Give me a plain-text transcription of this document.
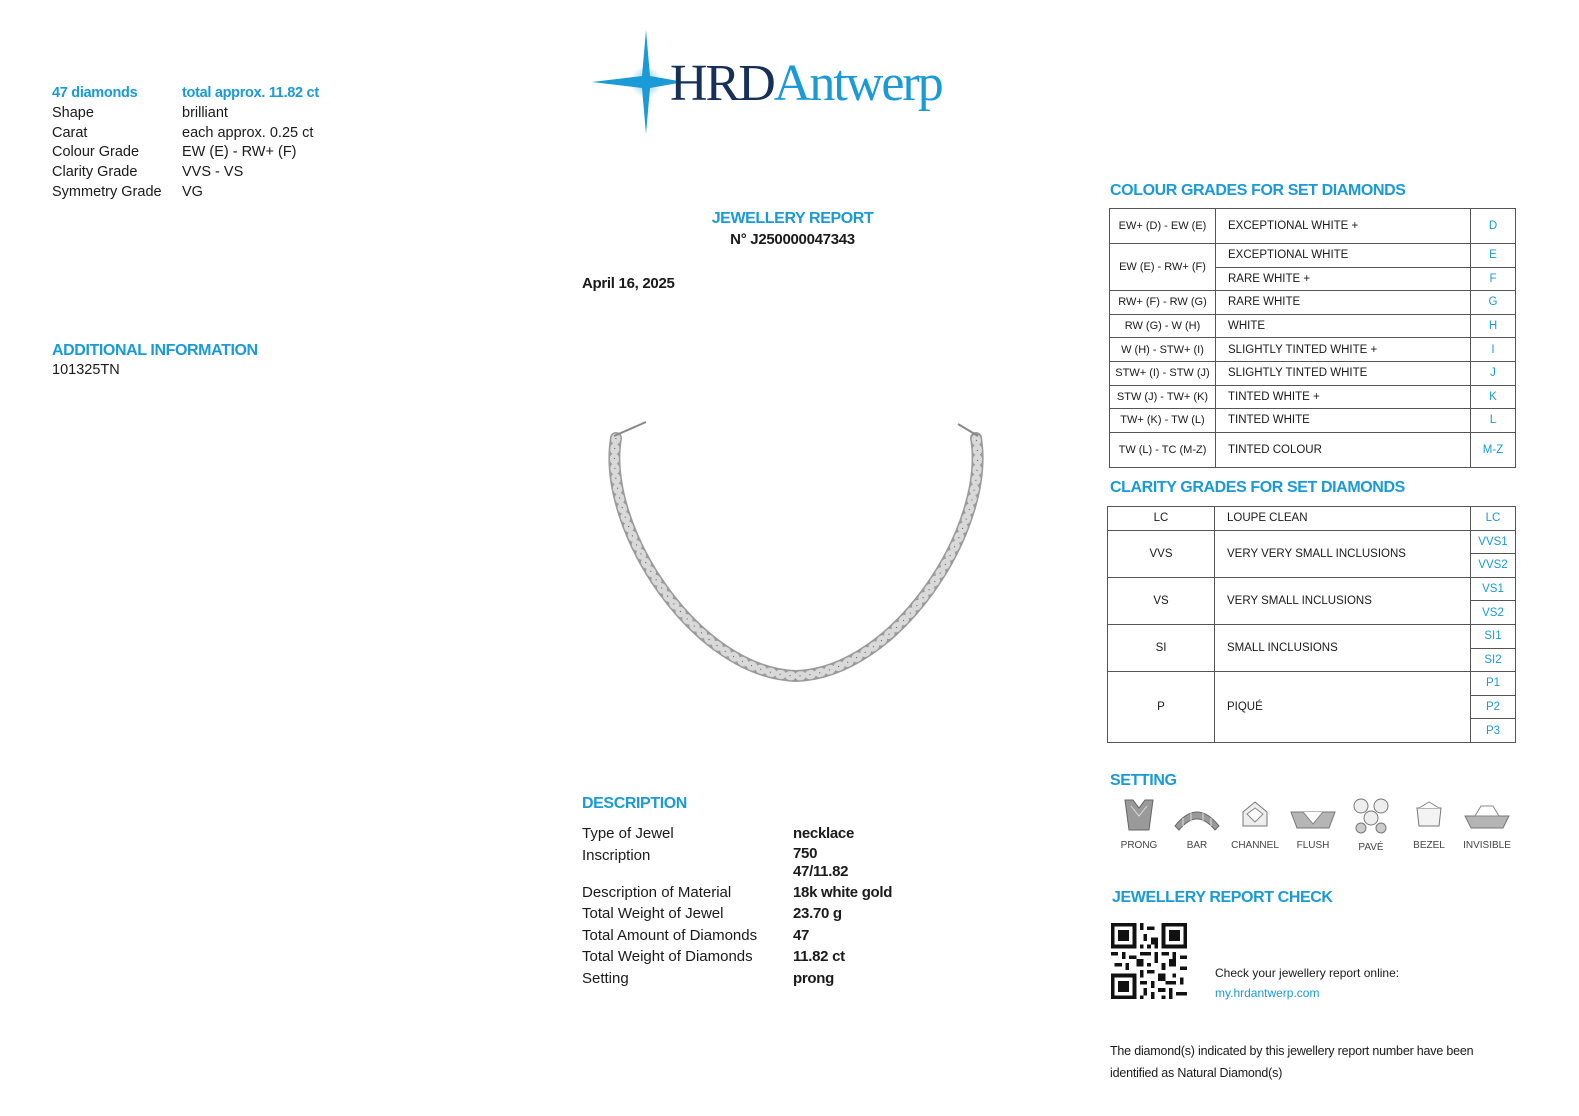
47 diamonds	total approx. 11.82 ct
Shape	brilliant
Carat	each approx. 0.25 ct
Colour Grade	EW (E) - RW+ (F)
Clarity Grade	VVS - VS
Symmetry Grade	VG
ADDITIONAL INFORMATION
101325TN
HRDAntwerp
JEWELLERY REPORT
N° J250000047343
April 16, 2025
DESCRIPTION
Type of Jewel	necklace
Inscription	750
47/11.82

Description of Material	18k white gold
Total Weight of Jewel	23.70 g
Total Amount of Diamonds	47
Total Weight of Diamonds	11.82 ct
Setting	prong
COLOUR GRADES FOR SET DIAMONDS
EW+ (D) - EW (E)	EXCEPTIONAL WHITE +	D
EW (E) - RW+ (F)	EXCEPTIONAL WHITE	E
	RARE WHITE +	F
RW+ (F) - RW (G)	RARE WHITE	G
RW (G) - W (H)	WHITE	H
W (H) - STW+ (I)	SLIGHTLY TINTED WHITE +	I
STW+ (I) - STW (J)	SLIGHTLY TINTED WHITE	J
STW (J) - TW+ (K)	TINTED WHITE +	K
TW+ (K) - TW (L)	TINTED WHITE	L
TW (L) - TC (M-Z)	TINTED COLOUR	M-Z
CLARITY GRADES FOR SET DIAMONDS
LC	LOUPE CLEAN	LC
VVS	VERY VERY SMALL INCLUSIONS	VVS1
		VVS2
VS	VERY SMALL INCLUSIONS	VS1
		VS2
SI	SMALL INCLUSIONS	SI1
		SI2
P	PIQUÉ	P1
		P2
		P3
SETTING
PRONG	BAR	CHANNEL	FLUSH	PAVÉ	BEZEL	INVISIBLE
JEWELLERY REPORT CHECK
Check your jewellery report online:
my.hrdantwerp.com
The diamond(s) indicated by this jewellery report number have been
identified as Natural Diamond(s)
